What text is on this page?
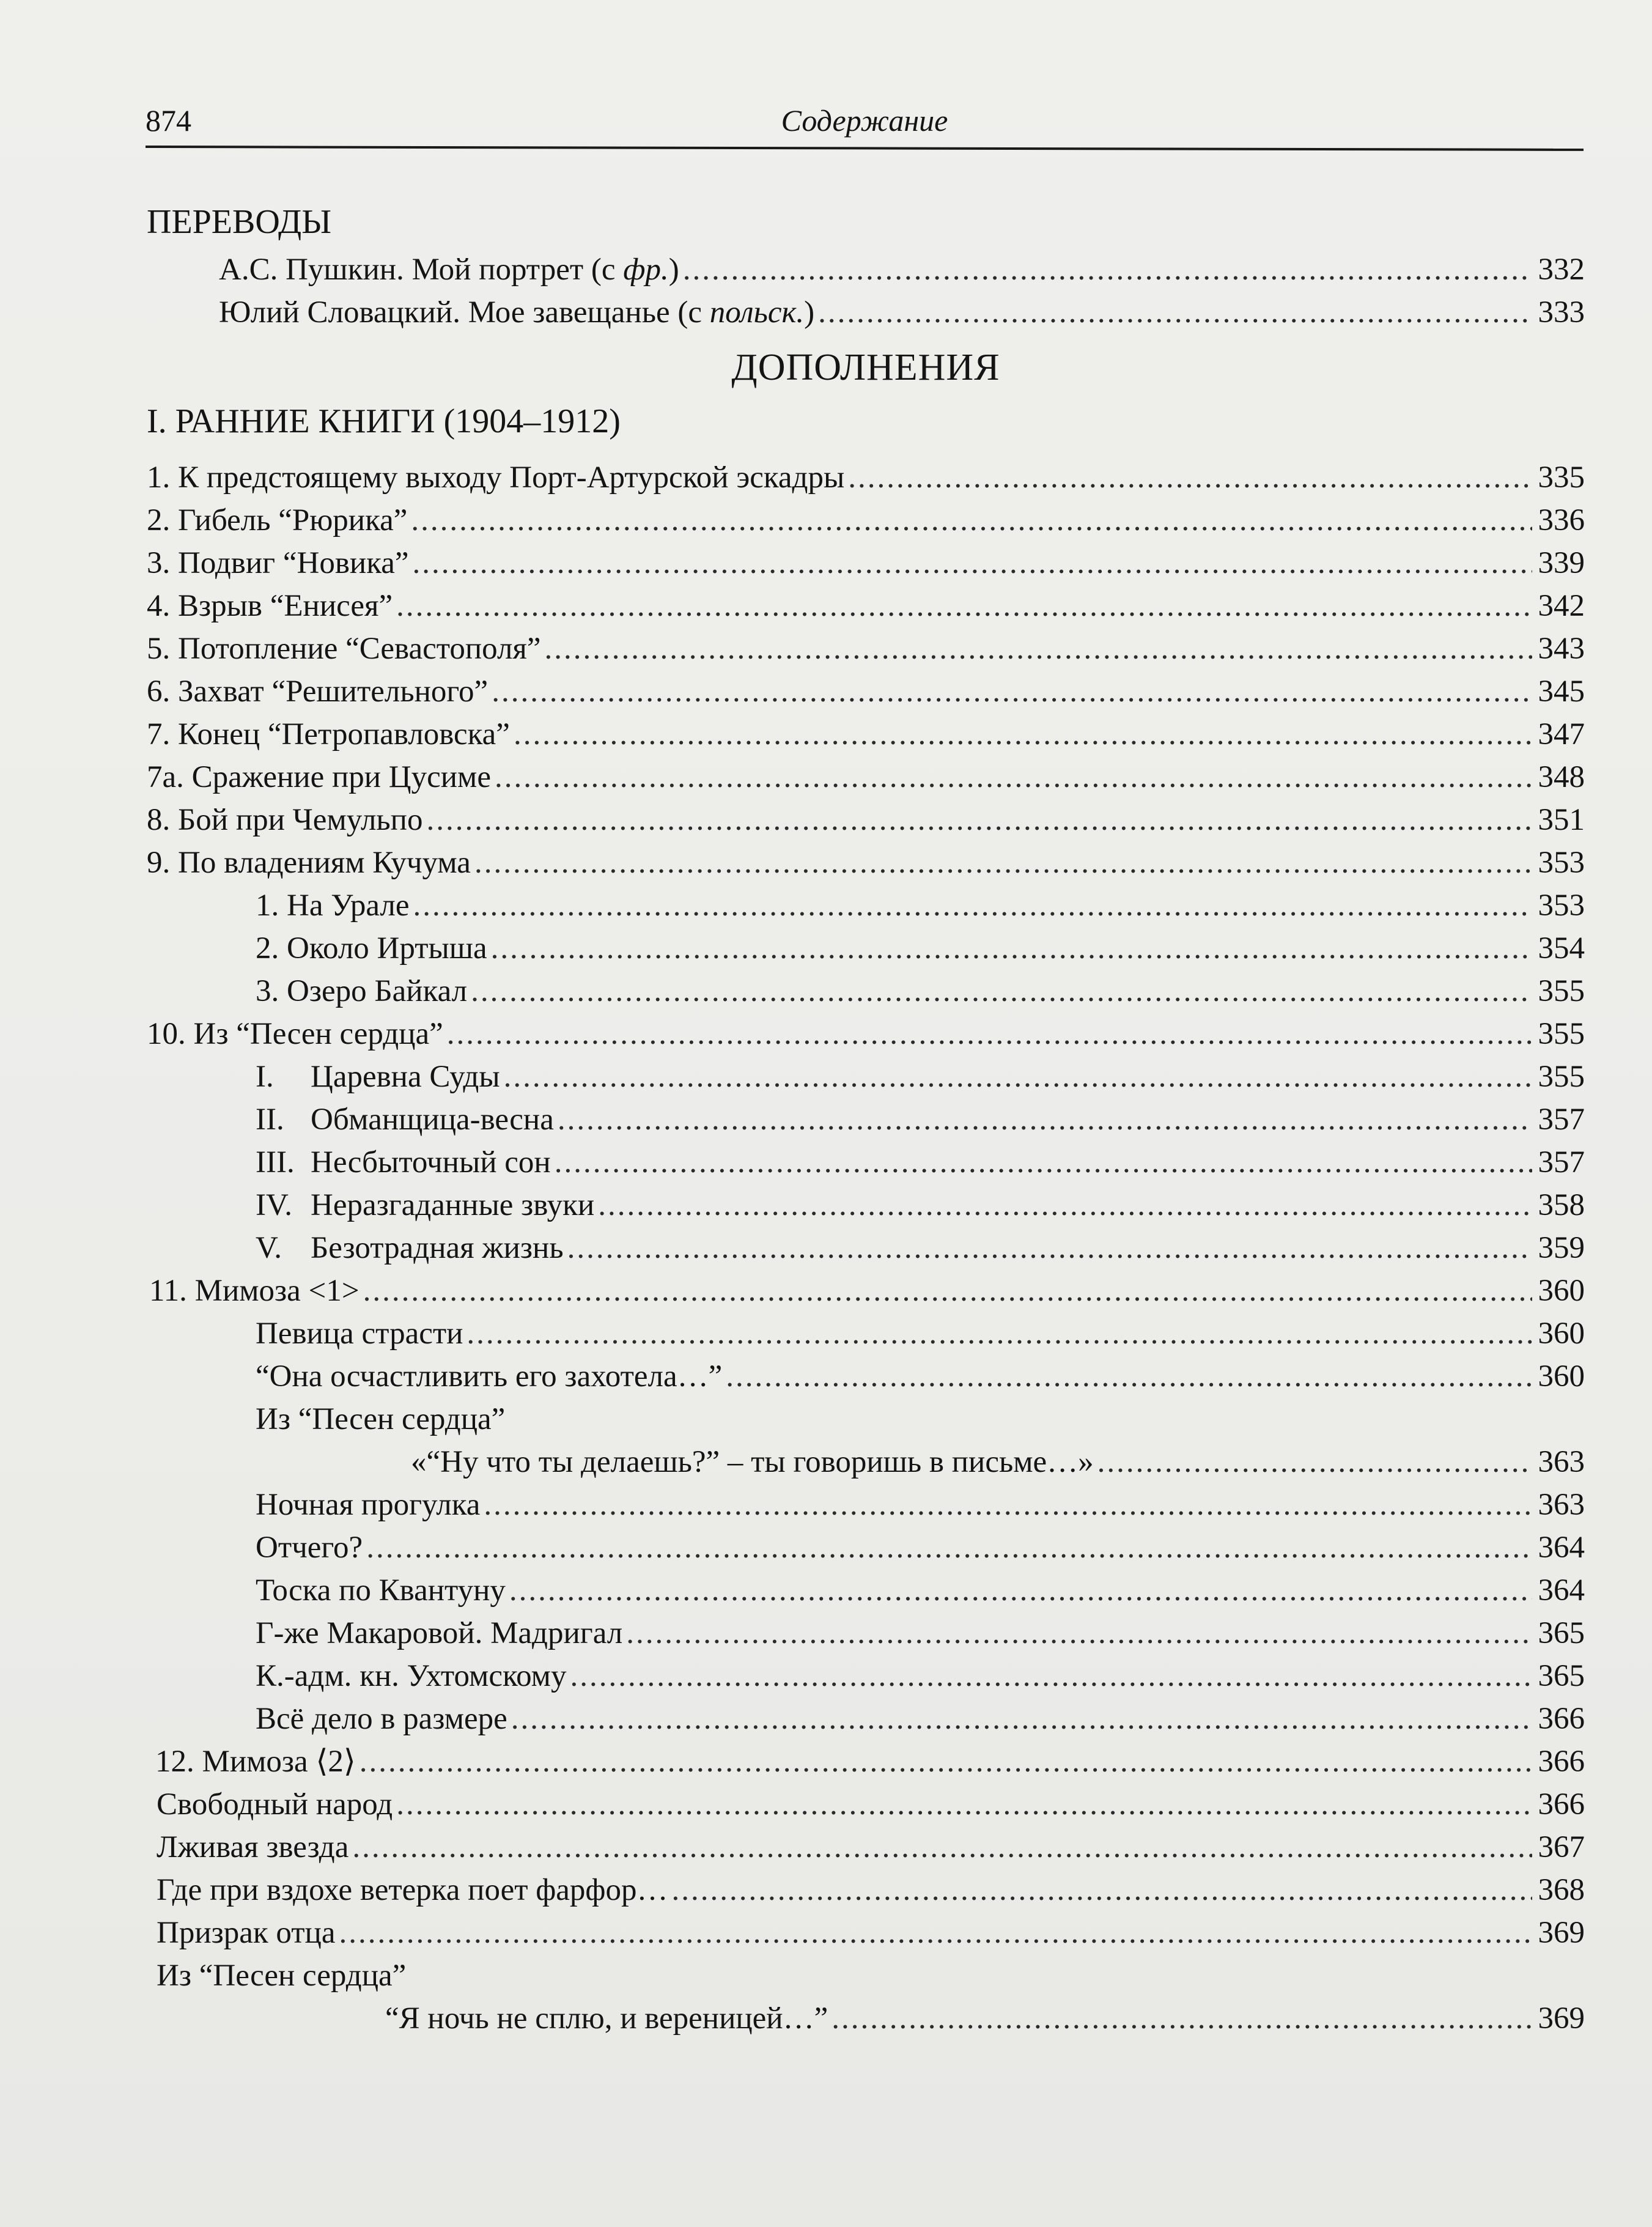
874	Содержание
ПЕРЕВОДЫ
А.С. Пушкин. Мой портрет (с фр.) .....	332
Юлий Словацкий. Мое завещанье (с польск.) .....	333
ДОПОЛНЕНИЯ
I. РАННИЕ КНИГИ (1904–1912)
1. К предстоящему выходу Порт-Артурской эскадры .....	335
2. Гибель “Рюрика” .....	336
3. Подвиг “Новика” .....	339
4. Взрыв “Енисея” .....	342
5. Потопление “Севастополя” .....	343
6. Захват “Решительного” .....	345
7. Конец “Петропавловска” .....	347
7а. Сражение при Цусиме .....	348
8. Бой при Чемульпо .....	351
9. По владениям Кучума .....	353
1. На Урале .....	353
2. Около Иртыша .....	354
3. Озеро Байкал .....	355
10. Из “Песен сердца” .....	355
I. Царевна Суды .....	355
II. Обманщица-весна .....	357
III. Несбыточный сон .....	357
IV. Неразгаданные звуки .....	358
V. Безотрадная жизнь .....	359
11. Мимоза <1> .....	360
Певица страсти .....	360
“Она осчастливить его захотела…” .....	360
Из “Песен сердца”
«“Ну что ты делаешь?” – ты говоришь в письме…» .....	363
Ночная прогулка .....	363
Отчего? .....	364
Тоска по Квантуну .....	364
Г-же Макаровой. Мадригал .....	365
К.-адм. кн. Ухтомскому .....	365
Всё дело в размере .....	366
12. Мимоза ⟨2⟩ .....	366
Свободный народ .....	366
Лживая звезда .....	367
Где при вздохе ветерка поет фарфор… .....	368
Призрак отца .....	369
Из “Песен сердца”
“Я ночь не сплю, и вереницей…” .....	369
